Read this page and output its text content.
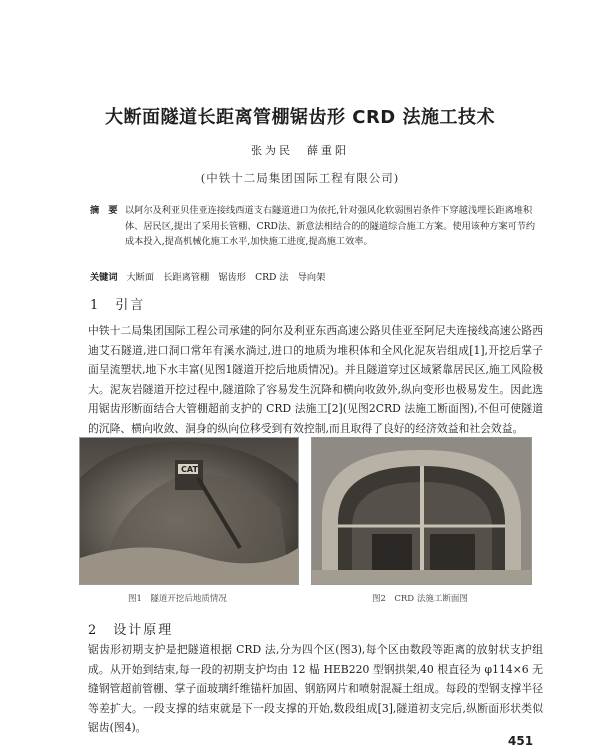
大断面隧道长距离管棚锯齿形 CRD 法施工技术
张为民　薛重阳
(中铁十二局集团国际工程有限公司)
摘　要 以阿尔及利亚贝佳亚连接线西道支右隧道进口为依托,针对强风化软弱围岩条件下穿越浅埋长距离堆积体、居民区,提出了采用长管棚、CRD法、新意法相结合的的隧道综合施工方案。使用该种方案可节约成本投入,提高机械化施工水平,加快施工进度,提高施工效率。
关键词 大断面　长距离管棚　锯齿形　CRD 法　导向架
1　 引言
中铁十二局集团国际工程公司承建的阿尔及利亚东西高速公路贝佳亚至阿尼夫连接线高速公路西迪艾石隧道,进口洞口常年有溪水淌过,进口的地质为堆积体和全风化泥灰岩组成[1],开挖后掌子面呈流塑状,地下水丰富(见图1隧道开挖后地质情况)。并且隧道穿过区域紧靠居民区,施工风险极大。泥灰岩隧道开挖过程中,隧道除了容易发生沉降和横向收敛外,纵向变形也极易发生。因此选用锯齿形断面结合大管棚超前支护的 CRD 法施工[2](见图2CRD 法施工断面图),不但可使隧道的沉降、横向收敛、洞身的纵向位移受到有效控制,而且取得了良好的经济效益和社会效益。
CAT
图1　隧道开挖后地质情况	图2　CRD 法施工断面图
2　 设计原理
锯齿形初期支护是把隧道根据 CRD 法,分为四个区(图3),每个区由数段等距离的放射状支护组成。从开始到结束,每一段的初期支护均由 12 榀 HEB220 型钢拱架,40 根直径为 φ114×6 无缝钢管超前管棚、掌子面玻璃纤维锚杆加固、钢筋网片和喷射混凝土组成。每段的型钢支撑半径等差扩大。一段支撑的结束就是下一段支撑的开始,数段组成[3],隧道初支完后,纵断面形状类似锯齿(图4)。
451
